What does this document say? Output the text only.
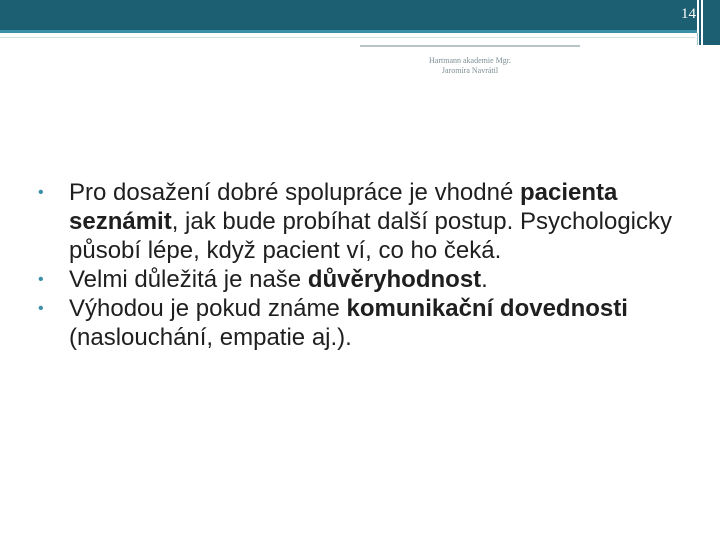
14
Hartmann akademie Mgr.
Jaromíra Navrátil
• Pro dosažení dobré spolupráce je vhodné pacienta seznámit, jak bude probíhat další postup. Psychologicky působí lépe, když pacient ví, co ho čeká.
• Velmi důležitá je naše důvěryhodnost.
• Výhodou je pokud známe komunikační dovednosti (naslouchání, empatie aj.).
